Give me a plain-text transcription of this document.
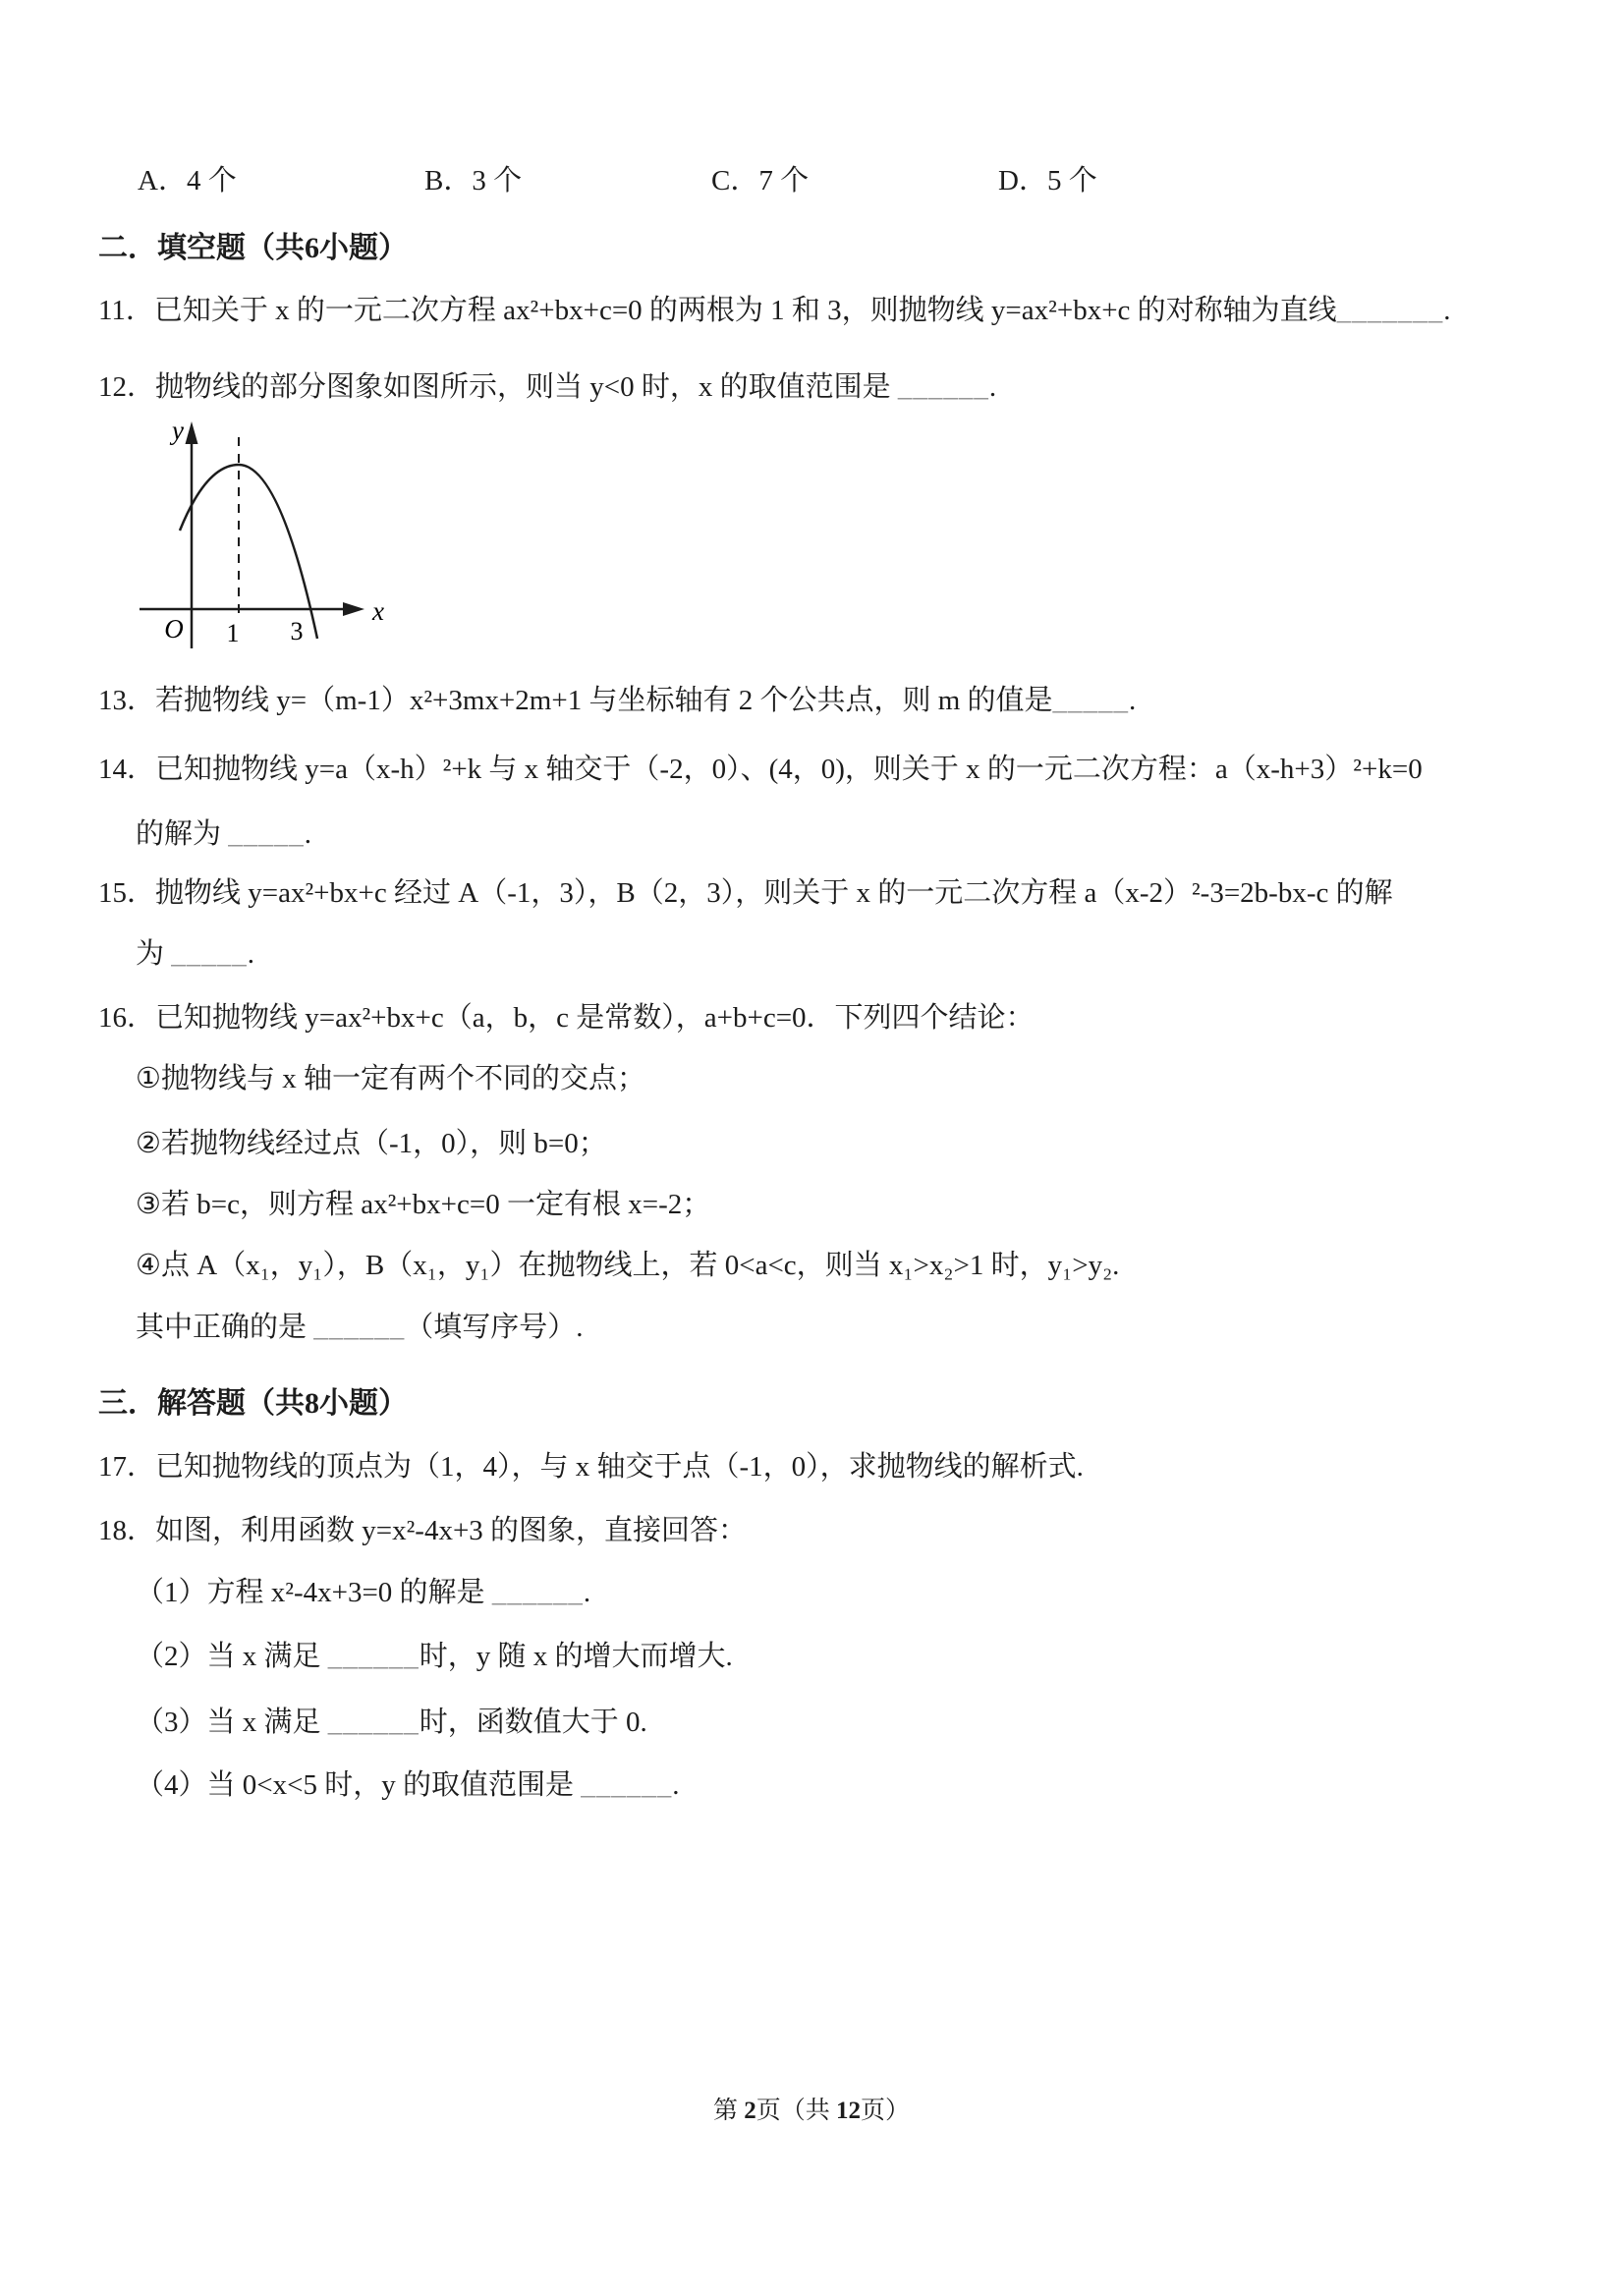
A．4 个	B．3 个	C．7 个	D．5 个
二．填空题（共6小题）
11．已知关于 x 的一元二次方程 ax²+bx+c=0 的两根为 1 和 3，则抛物线 y=ax²+bx+c 的对称轴为直线_______.
12．抛物线的部分图象如图所示，则当 y<0 时，x 的取值范围是 ______.
y
x
O 1 3
13．若抛物线 y=（m-1）x²+3mx+2m+1 与坐标轴有 2 个公共点，则 m 的值是_____.
14．已知抛物线 y=a（x-h）²+k 与 x 轴交于（-2，0）、(4，0)，则关于 x 的一元二次方程：a（x-h+3）²+k=0
的解为 _____.
15．抛物线 y=ax²+bx+c 经过 A（-1，3），B（2，3），则关于 x 的一元二次方程 a（x-2）²-3=2b-bx-c 的解
为 _____.
16．已知抛物线 y=ax²+bx+c（a，b，c 是常数），a+b+c=0．下列四个结论：
①抛物线与 x 轴一定有两个不同的交点；
②若抛物线经过点（-1，0），则 b=0；
③若 b=c，则方程 ax²+bx+c=0 一定有根 x=-2；
④点 A（x₁，y₁），B（x₁，y₁）在抛物线上，若 0<a<c，则当 x₁>x₂>1 时，y₁>y₂.
其中正确的是 ______（填写序号）.
三．解答题（共8小题）
17．已知抛物线的顶点为（1，4），与 x 轴交于点（-1，0），求抛物线的解析式.
18．如图，利用函数 y=x²-4x+3 的图象，直接回答：
（1）方程 x²-4x+3=0 的解是 ______.
（2）当 x 满足 ______时，y 随 x 的增大而增大.
（3）当 x 满足 ______时，函数值大于 0.
（4）当 0<x<5 时，y 的取值范围是 ______.
第 2页（共 12页）
